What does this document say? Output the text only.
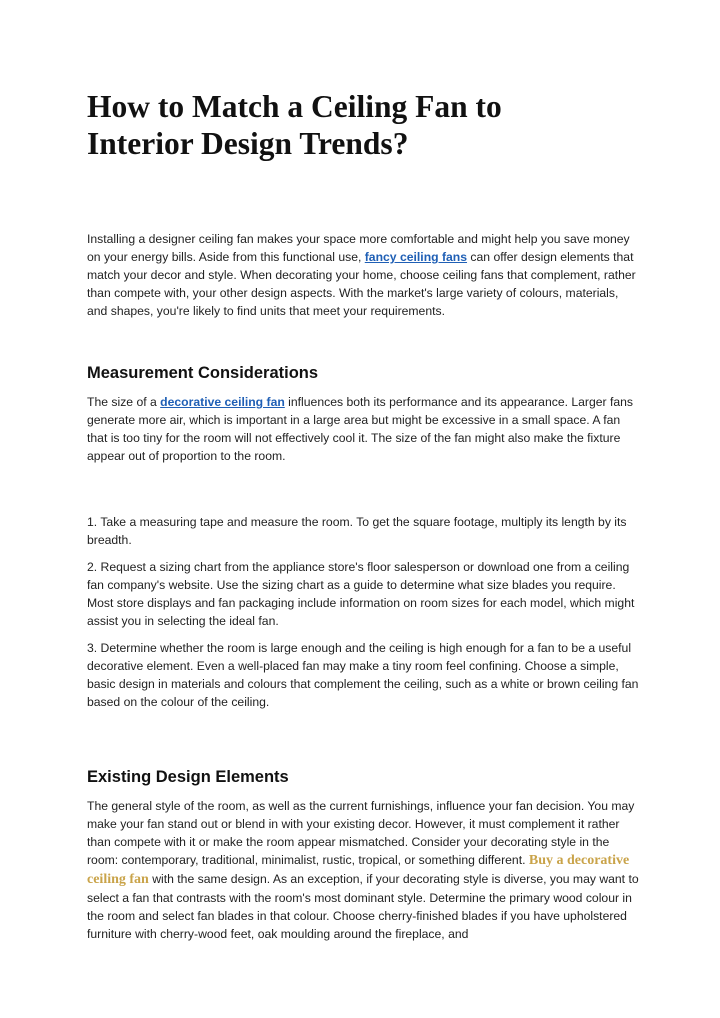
How to Match a Ceiling Fan to Interior Design Trends?

Installing a designer ceiling fan makes your space more comfortable and might help you save money on your energy bills. Aside from this functional use, fancy ceiling fans can offer design elements that match your decor and style. When decorating your home, choose ceiling fans that complement, rather than compete with, your other design aspects. With the market's large variety of colours, materials, and shapes, you're likely to find units that meet your requirements.

Measurement Considerations

The size of a decorative ceiling fan influences both its performance and its appearance. Larger fans generate more air, which is important in a large area but might be excessive in a small space. A fan that is too tiny for the room will not effectively cool it. The size of the fan might also make the fixture appear out of proportion to the room.

1. Take a measuring tape and measure the room. To get the square footage, multiply its length by its breadth.

2. Request a sizing chart from the appliance store's floor salesperson or download one from a ceiling fan company's website. Use the sizing chart as a guide to determine what size blades you require. Most store displays and fan packaging include information on room sizes for each model, which might assist you in selecting the ideal fan.

3. Determine whether the room is large enough and the ceiling is high enough for a fan to be a useful decorative element. Even a well-placed fan may make a tiny room feel confining. Choose a simple, basic design in materials and colours that complement the ceiling, such as a white or brown ceiling fan based on the colour of the ceiling.

Existing Design Elements

The general style of the room, as well as the current furnishings, influence your fan decision. You may make your fan stand out or blend in with your existing decor. However, it must complement it rather than compete with it or make the room appear mismatched. Consider your decorating style in the room: contemporary, traditional, minimalist, rustic, tropical, or something different. Buy a decorative ceiling fan with the same design. As an exception, if your decorating style is diverse, you may want to select a fan that contrasts with the room's most dominant style. Determine the primary wood colour in the room and select fan blades in that colour. Choose cherry-finished blades if you have upholstered furniture with cherry-wood feet, oak moulding around the fireplace, and
